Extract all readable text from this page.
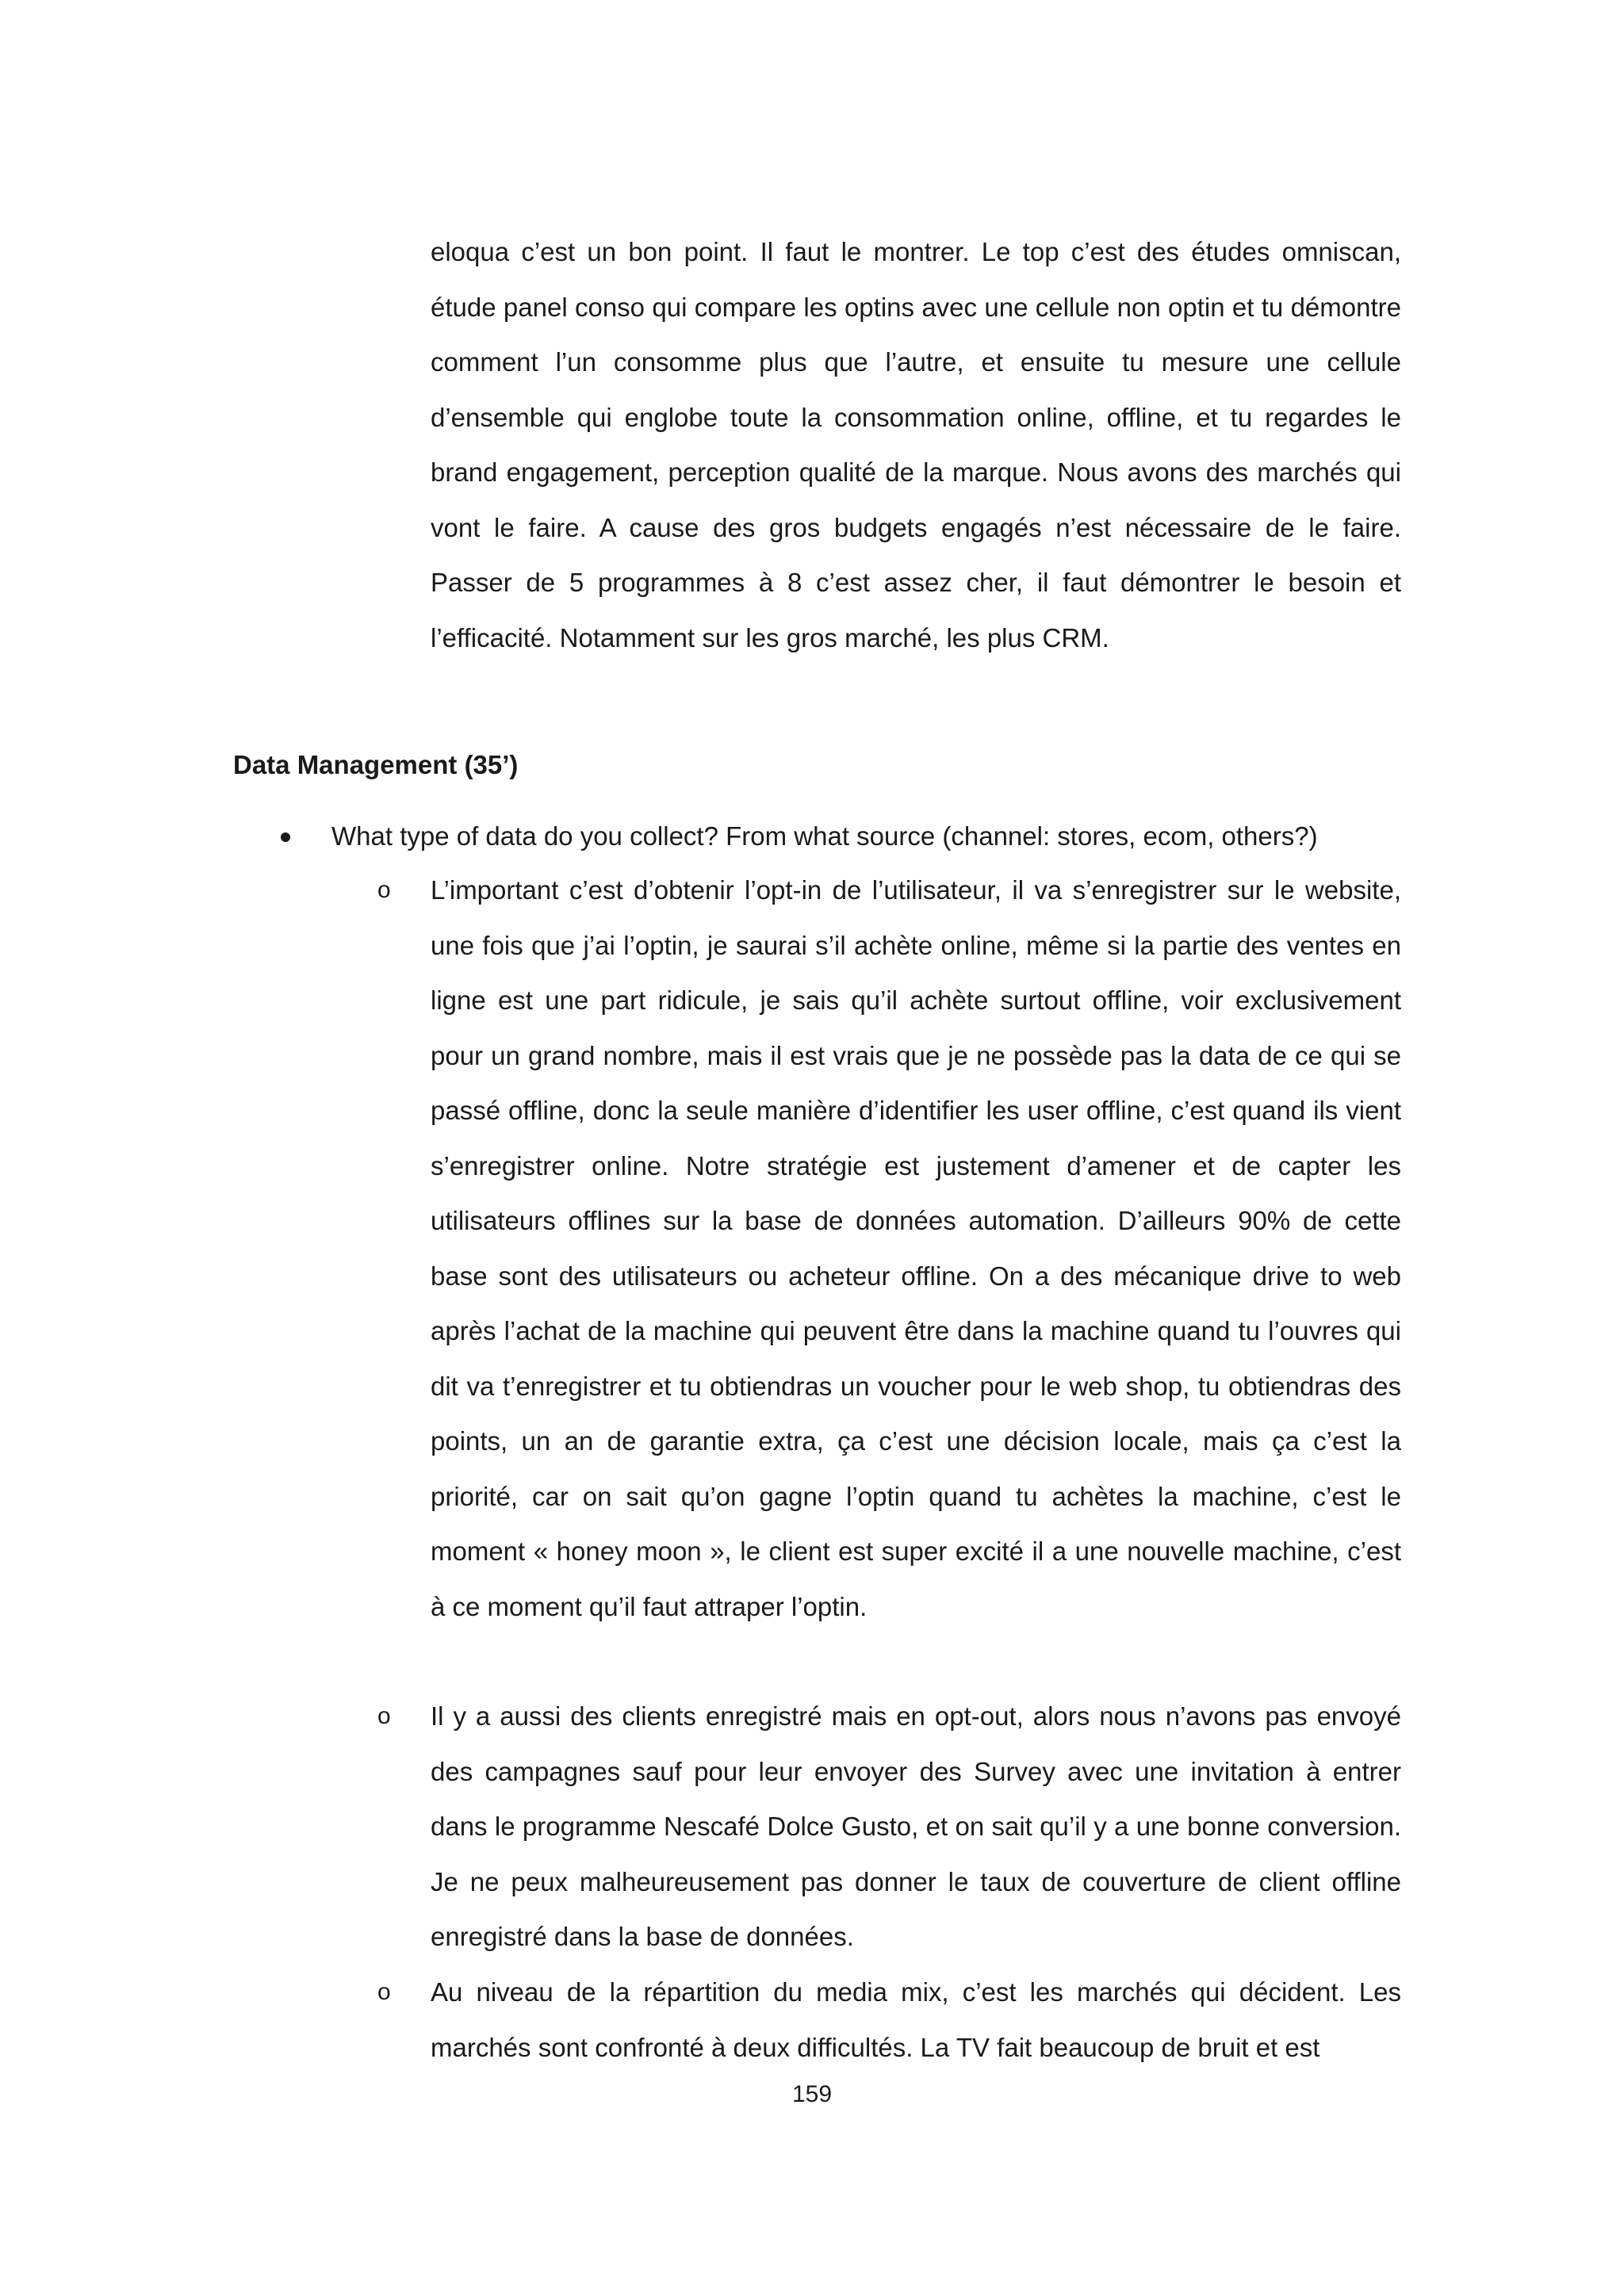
eloqua c’est un bon point. Il faut le montrer. Le top c’est des études omniscan, étude panel conso qui compare les optins avec une cellule non optin et tu démontre comment l’un consomme plus que l’autre, et ensuite tu mesure une cellule d’ensemble qui englobe toute la consommation online, offline, et tu regardes le brand engagement, perception qualité de la marque. Nous avons des marchés qui vont le faire. A cause des gros budgets engagés n’est nécessaire de le faire. Passer de 5 programmes à 8 c’est assez cher, il faut démontrer le besoin et l’efficacité. Notamment sur les gros marché, les plus CRM.

Data Management (35’)

What type of data do you collect? From what source (channel: stores, ecom, others?)
o L’important c’est d’obtenir l’opt-in de l’utilisateur, il va s’enregistrer sur le website, une fois que j’ai l’optin, je saurai s’il achète online, même si la partie des ventes en ligne est une part ridicule, je sais qu’il achète surtout offline, voir exclusivement pour un grand nombre, mais il est vrais que je ne possède pas la data de ce qui se passé offline, donc la seule manière d’identifier les user offline, c’est quand ils vient s’enregistrer online. Notre stratégie est justement d’amener et de capter les utilisateurs offlines sur la base de données automation. D’ailleurs 90% de cette base sont des utilisateurs ou acheteur offline. On a des mécanique drive to web après l’achat de la machine qui peuvent être dans la machine quand tu l’ouvres qui dit va t’enregistrer et tu obtiendras un voucher pour le web shop, tu obtiendras des points, un an de garantie extra, ça c’est une décision locale, mais ça c’est la priorité, car on sait qu’on gagne l’optin quand tu achètes la machine, c’est le moment « honey moon », le client est super excité il a une nouvelle machine, c’est à ce moment qu’il faut attraper l’optin.

o Il y a aussi des clients enregistré mais en opt-out, alors nous n’avons pas envoyé des campagnes sauf pour leur envoyer des Survey avec une invitation à entrer dans le programme Nescafé Dolce Gusto, et on sait qu’il y a une bonne conversion. Je ne peux malheureusement pas donner le taux de couverture de client offline enregistré dans la base de données.

o Au niveau de la répartition du media mix, c’est les marchés qui décident. Les marchés sont confronté à deux difficultés. La TV fait beaucoup de bruit et est

159
